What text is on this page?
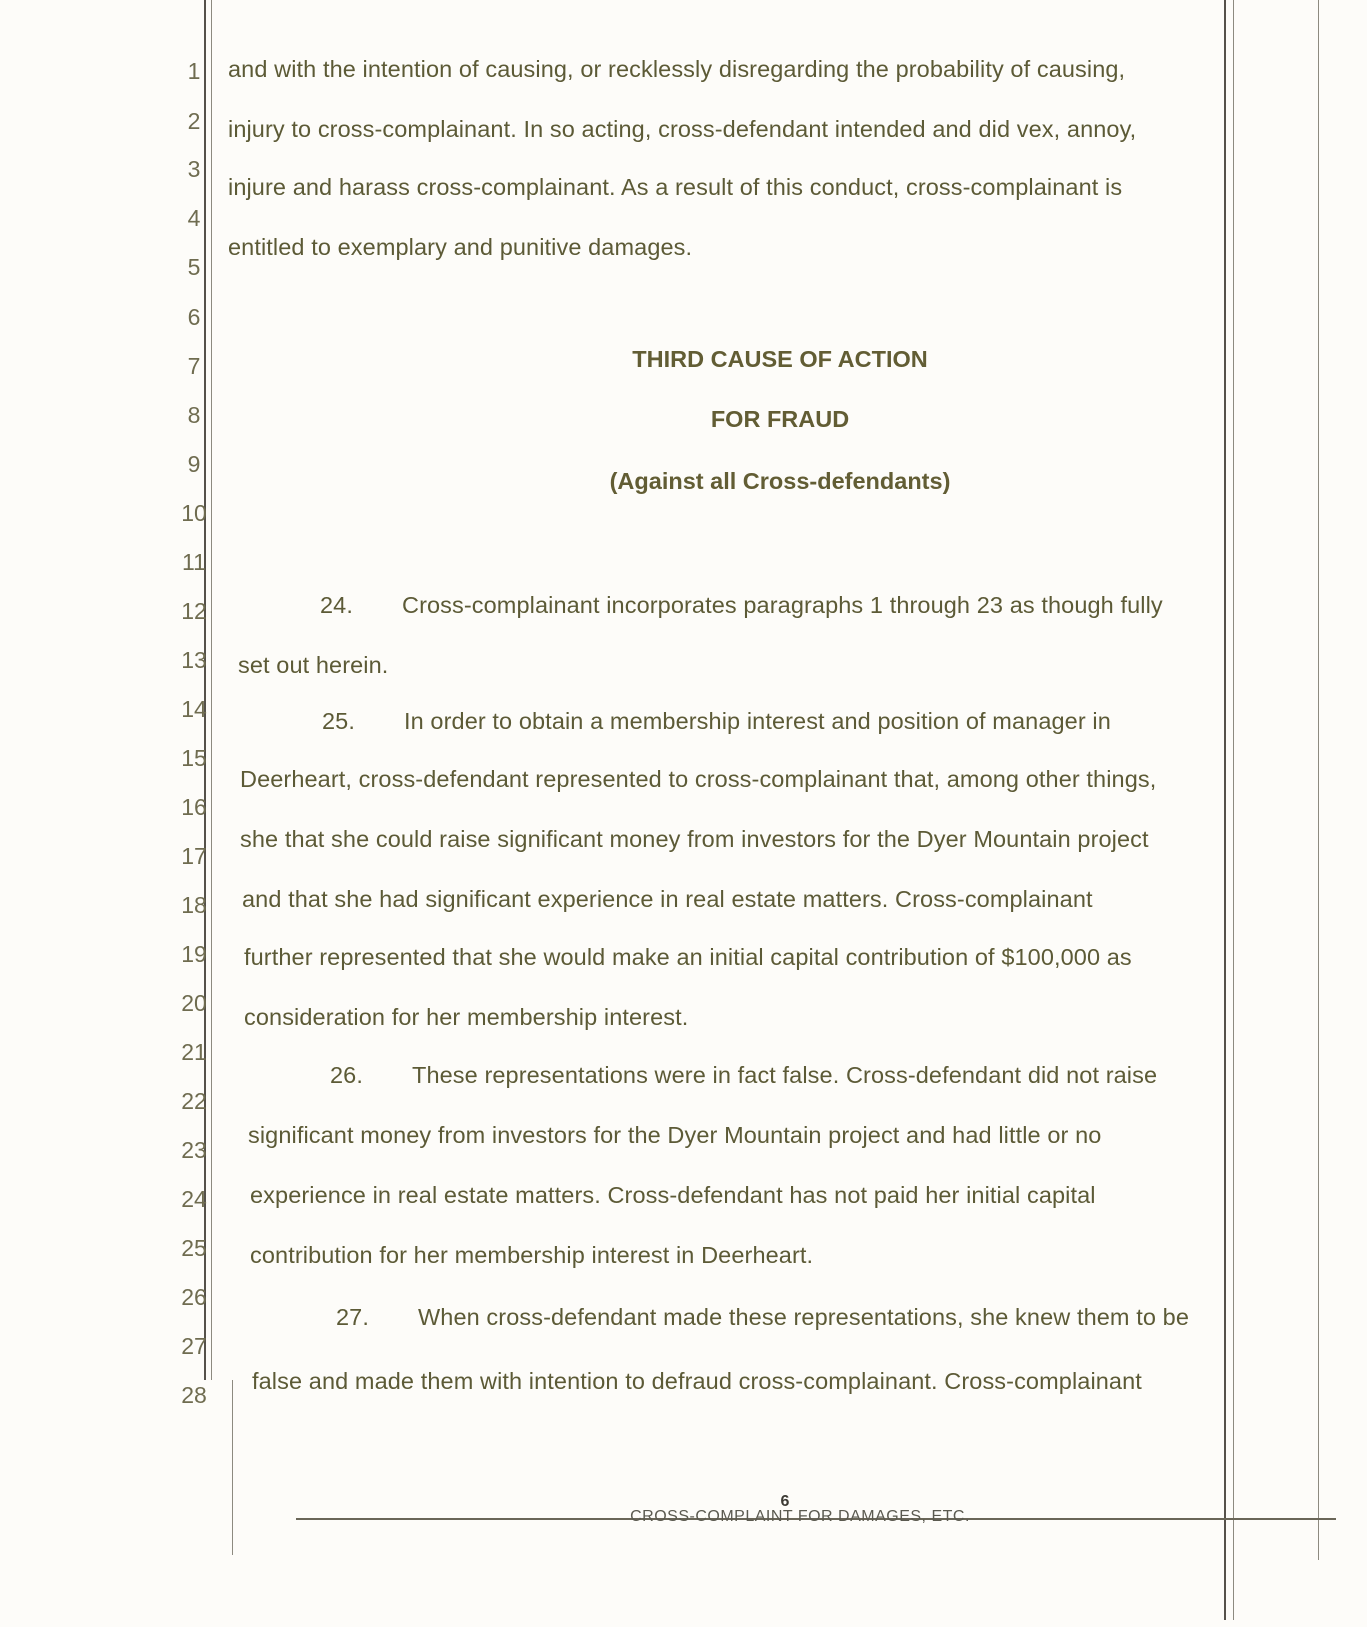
1
2
3
4
5
6
7
8
9
10
11
12
13
14
15
16
17
18
19
20
21
22
23
24
25
26
27
28
and with the intention of causing, or recklessly disregarding the probability of causing,
injury to cross-complainant. In so acting, cross-defendant intended and did vex, annoy,
injure and harass cross-complainant. As a result of this conduct, cross-complainant is
entitled to exemplary and punitive damages.
THIRD CAUSE OF ACTION
FOR FRAUD
(Against all Cross-defendants)
24. Cross-complainant incorporates paragraphs 1 through 23 as though fully
set out herein.
25. In order to obtain a membership interest and position of manager in
Deerheart, cross-defendant represented to cross-complainant that, among other things,
she that she could raise significant money from investors for the Dyer Mountain project
and that she had significant experience in real estate matters. Cross-complainant
further represented that she would make an initial capital contribution of $100,000 as
consideration for her membership interest.
26. These representations were in fact false. Cross-defendant did not raise
significant money from investors for the Dyer Mountain project and had little or no
experience in real estate matters. Cross-defendant has not paid her initial capital
contribution for her membership interest in Deerheart.
27. When cross-defendant made these representations, she knew them to be
false and made them with intention to defraud cross-complainant. Cross-complainant
6
CROSS-COMPLAINT FOR DAMAGES, ETC.
